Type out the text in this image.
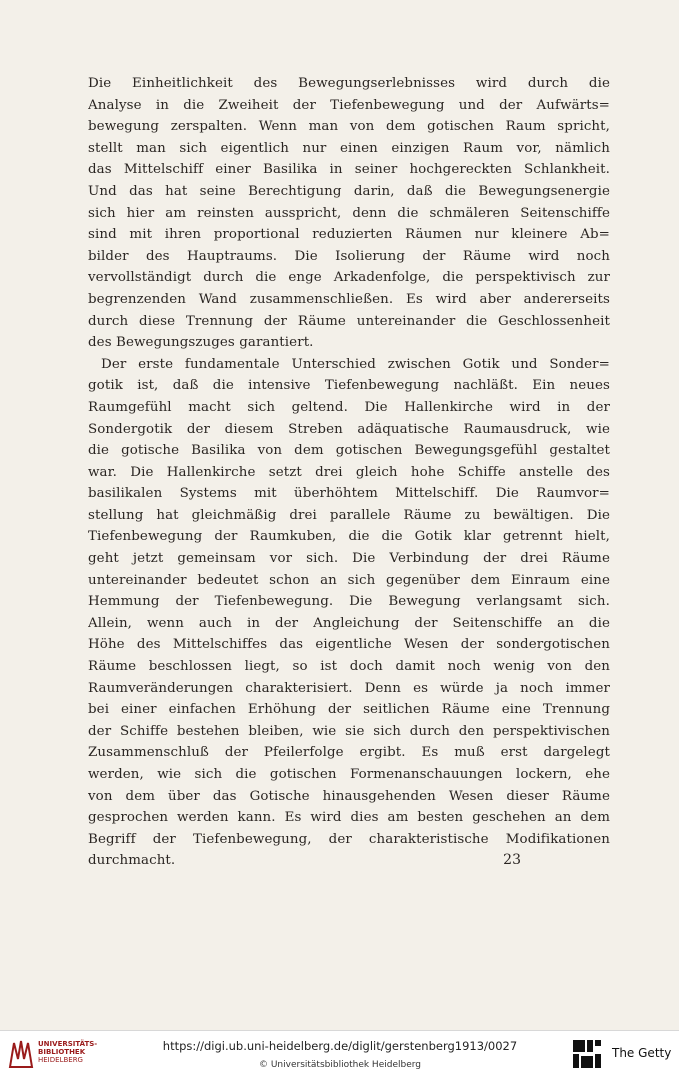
Die Einheitlichkeit des Bewegungserlebnisses wird durch die
Analyse in die Zweiheit der Tiefenbewegung und der Aufwärts=
bewegung zerspalten. Wenn man von dem gotischen Raum spricht,
stellt man sich eigentlich nur einen einzigen Raum vor, nämlich
das Mittelschiff einer Basilika in seiner hochgereckten Schlankheit.
Und das hat seine Berechtigung darin, daß die Bewegungsenergie
sich hier am reinsten ausspricht, denn die schmäleren Seitenschiffe
sind mit ihren proportional reduzierten Räumen nur kleinere Ab=
bilder des Hauptraums. Die Isolierung der Räume wird noch
vervollständigt durch die enge Arkadenfolge, die perspektivisch zur
begrenzenden Wand zusammenschließen. Es wird aber andererseits
durch diese Trennung der Räume untereinander die Geschlossenheit
des Bewegungszuges garantiert.
Der erste fundamentale Unterschied zwischen Gotik und Sonder=
gotik ist, daß die intensive Tiefenbewegung nachläßt. Ein neues
Raumgefühl macht sich geltend. Die Hallenkirche wird in der
Sondergotik der diesem Streben adäquatische Raumausdruck, wie
die gotische Basilika von dem gotischen Bewegungsgefühl gestaltet
war. Die Hallenkirche setzt drei gleich hohe Schiffe anstelle des
basilikalen Systems mit überhöhtem Mittelschiff. Die Raumvor=
stellung hat gleichmäßig drei parallele Räume zu bewältigen. Die
Tiefenbewegung der Raumkuben, die die Gotik klar getrennt hielt,
geht jetzt gemeinsam vor sich. Die Verbindung der drei Räume
untereinander bedeutet schon an sich gegenüber dem Einraum eine
Hemmung der Tiefenbewegung. Die Bewegung verlangsamt sich.
Allein, wenn auch in der Angleichung der Seitenschiffe an die
Höhe des Mittelschiffes das eigentliche Wesen der sondergotischen
Räume beschlossen liegt, so ist doch damit noch wenig von den
Raumveränderungen charakterisiert. Denn es würde ja noch immer
bei einer einfachen Erhöhung der seitlichen Räume eine Trennung
der Schiffe bestehen bleiben, wie sie sich durch den perspektivischen
Zusammenschluß der Pfeilerfolge ergibt. Es muß erst dargelegt
werden, wie sich die gotischen Formenanschauungen lockern, ehe
von dem über das Gotische hinausgehenden Wesen dieser Räume
gesprochen werden kann. Es wird dies am besten geschehen an dem
Begriff der Tiefenbewegung, der charakteristische Modifikationen
durchmacht.	23
UNIVERSITÄTS-
BIBLIOTHEK
HEIDELBERG
https://digi.ub.uni-heidelberg.de/diglit/gerstenberg1913/0027
© Universitätsbibliothek Heidelberg
The Getty
